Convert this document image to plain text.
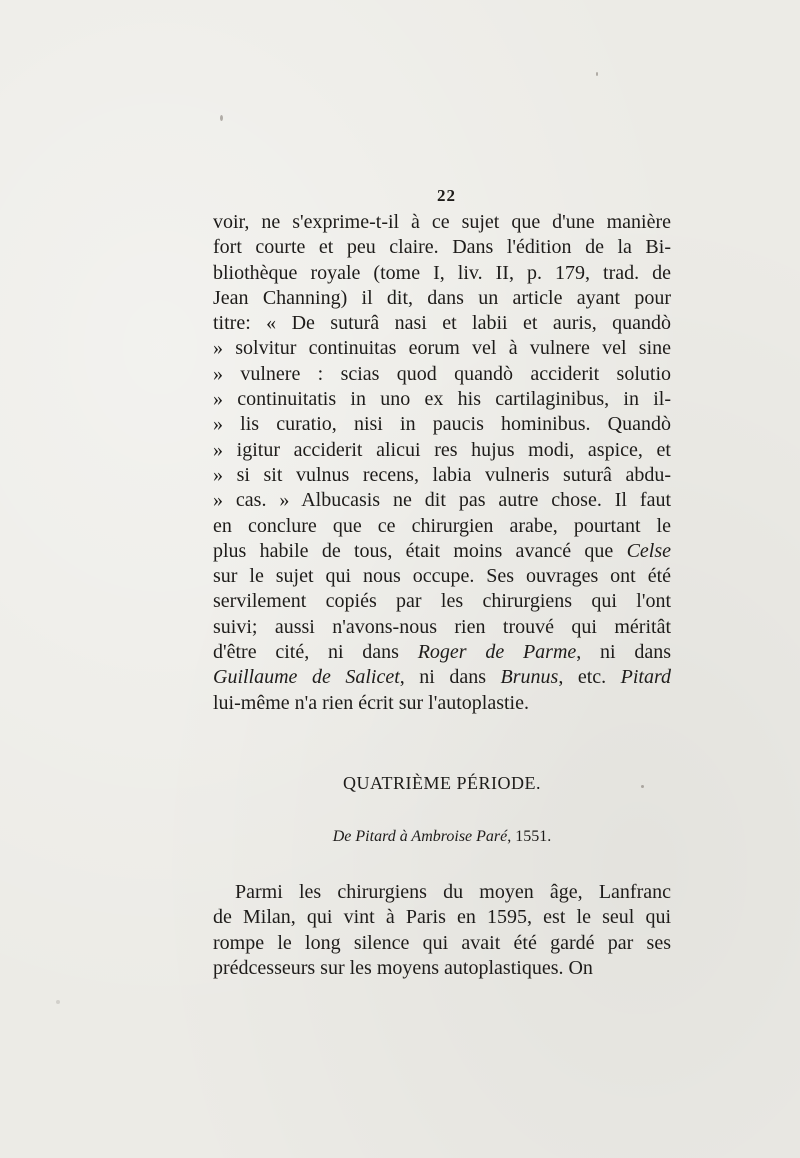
22
voir, ne s'exprime-t-il à ce sujet que d'une manière
fort courte et peu claire. Dans l'édition de la Bi-
bliothèque royale (tome I, liv. II, p. 179, trad. de
Jean Channing) il dit, dans un article ayant pour
titre: « De suturâ nasi et labii et auris, quandò
» solvitur continuitas eorum vel à vulnere vel sine
» vulnere : scias quod quandò acciderit solutio
» continuitatis in uno ex his cartilaginibus, in il-
» lis curatio, nisi in paucis hominibus. Quandò
» igitur acciderit alicui res hujus modi, aspice, et
» si sit vulnus recens, labia vulneris suturâ abdu-
» cas. » Albucasis ne dit pas autre chose. Il faut
en conclure que ce chirurgien arabe, pourtant le
plus habile de tous, était moins avancé que Celse
sur le sujet qui nous occupe. Ses ouvrages ont été
servilement copiés par les chirurgiens qui l'ont
suivi; aussi n'avons-nous rien trouvé qui méritât
d'être cité, ni dans Roger de Parme, ni dans
Guillaume de Salicet, ni dans Brunus, etc. Pitard
lui-même n'a rien écrit sur l'autoplastie.
QUATRIÈME PÉRIODE.
De Pitard à Ambroise Paré, 1551.
Parmi les chirurgiens du moyen âge, Lanfranc
de Milan, qui vint à Paris en 1595, est le seul qui
rompe le long silence qui avait été gardé par ses
prédcesseurs sur les moyens autoplastiques. On
